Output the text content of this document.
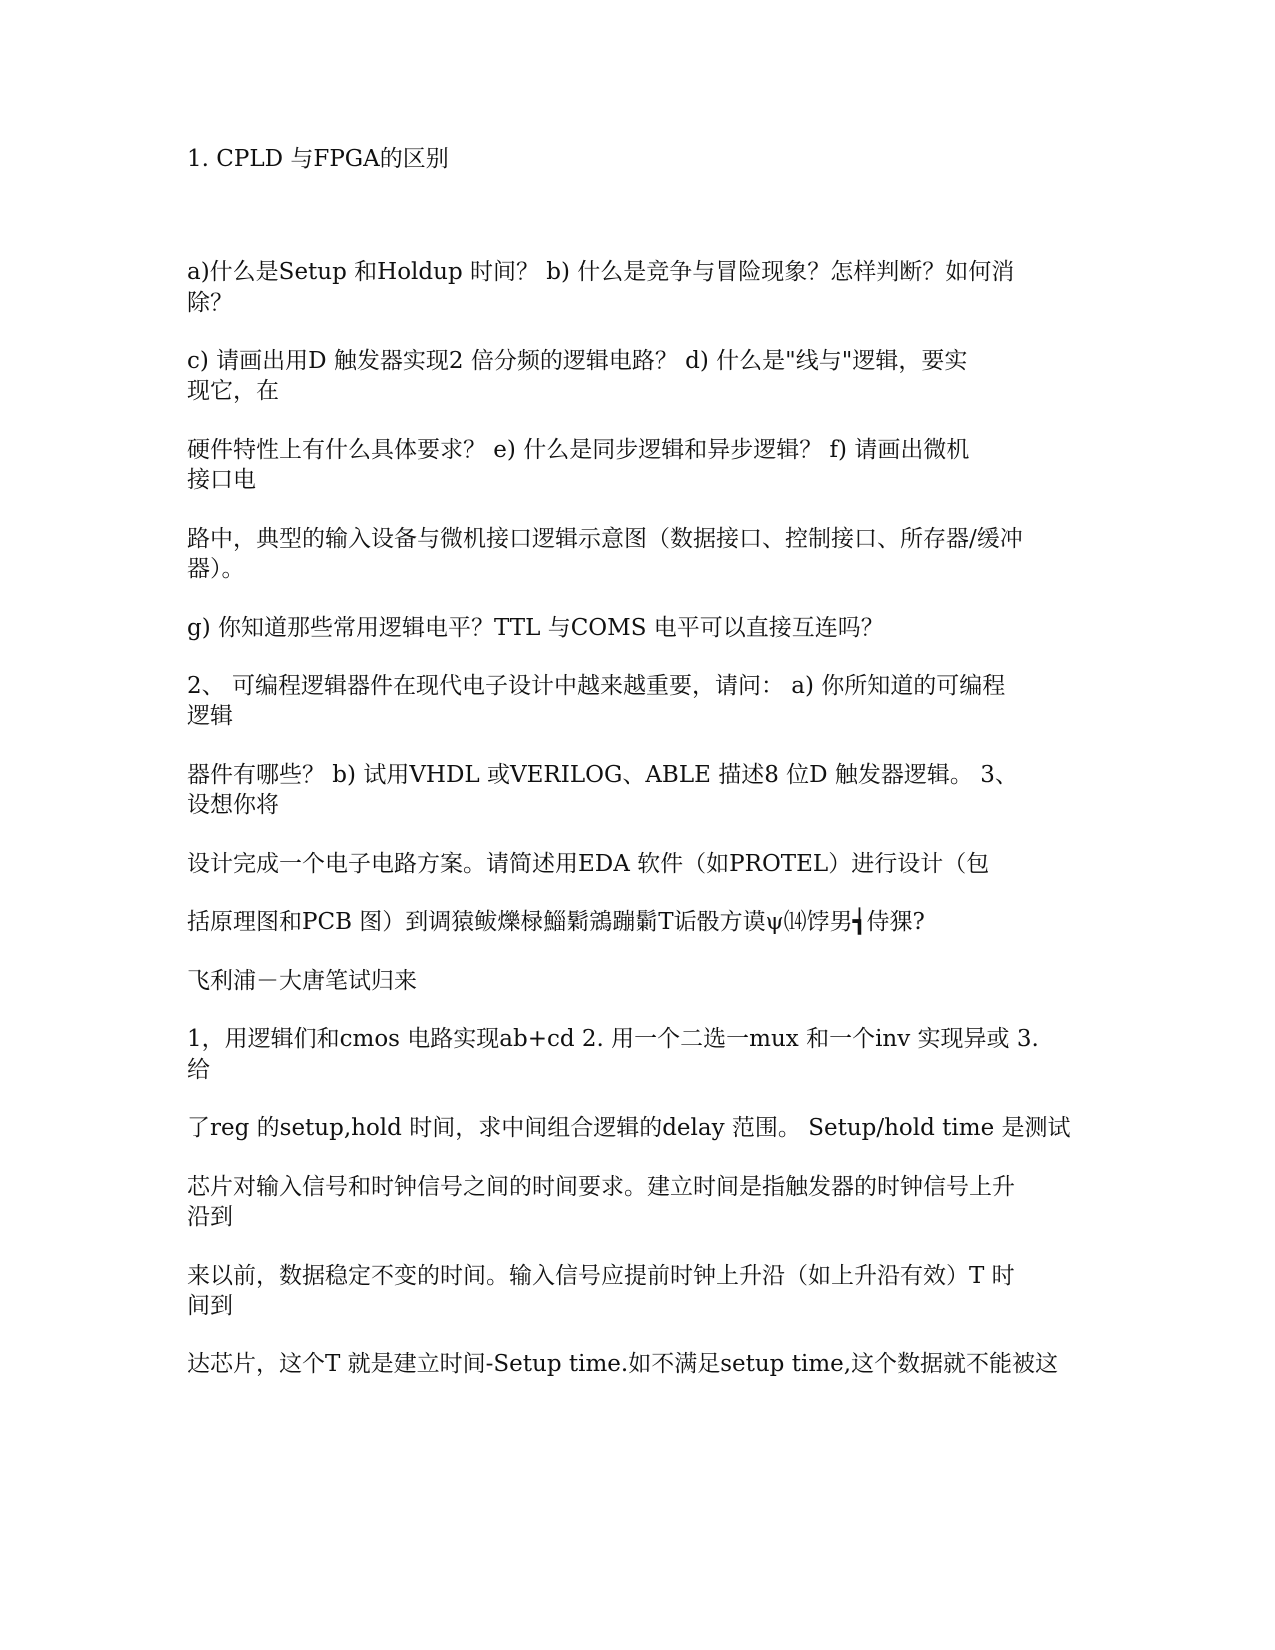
1. CPLD 与FPGA的区别
a)什么是Setup 和Holdup 时间？ b) 什么是竞争与冒险现象？怎样判断？如何消
除？
c) 请画出用D 触发器实现2 倍分频的逻辑电路？ d) 什么是"线与"逻辑，要实
现它，在
硬件特性上有什么具体要求？ e) 什么是同步逻辑和异步逻辑？ f) 请画出微机
接口电
路中，典型的输入设备与微机接口逻辑示意图（数据接口、控制接口、所存器/缓冲
器）。
g) 你知道那些常用逻辑电平？TTL 与COMS 电平可以直接互连吗？
2、 可编程逻辑器件在现代电子设计中越来越重要，请问： a) 你所知道的可编程
逻辑
器件有哪些？ b) 试用VHDL 或VERILOG、ABLE 描述8 位D 触发器逻辑。 3、
设想你将
设计完成一个电子电路方案。请简述用EDA 软件（如PROTEL）进行设计（包
括原理图和PCB 图）到调猿鲅爍椂鯔鬁鵍蹦鬎T诟骰方谟ψ⒁饽男┪侍猓?
飞利浦－大唐笔试归来
1，用逻辑们和cmos 电路实现ab+cd 2. 用一个二选一mux 和一个inv 实现异或 3.
给
了reg 的setup,hold 时间，求中间组合逻辑的delay 范围。 Setup/hold time 是测试
芯片对输入信号和时钟信号之间的时间要求。建立时间是指触发器的时钟信号上升
沿到
来以前，数据稳定不变的时间。输入信号应提前时钟上升沿（如上升沿有效）T 时
间到
达芯片，这个T 就是建立时间-Setup time.如不满足setup time,这个数据就不能被这
